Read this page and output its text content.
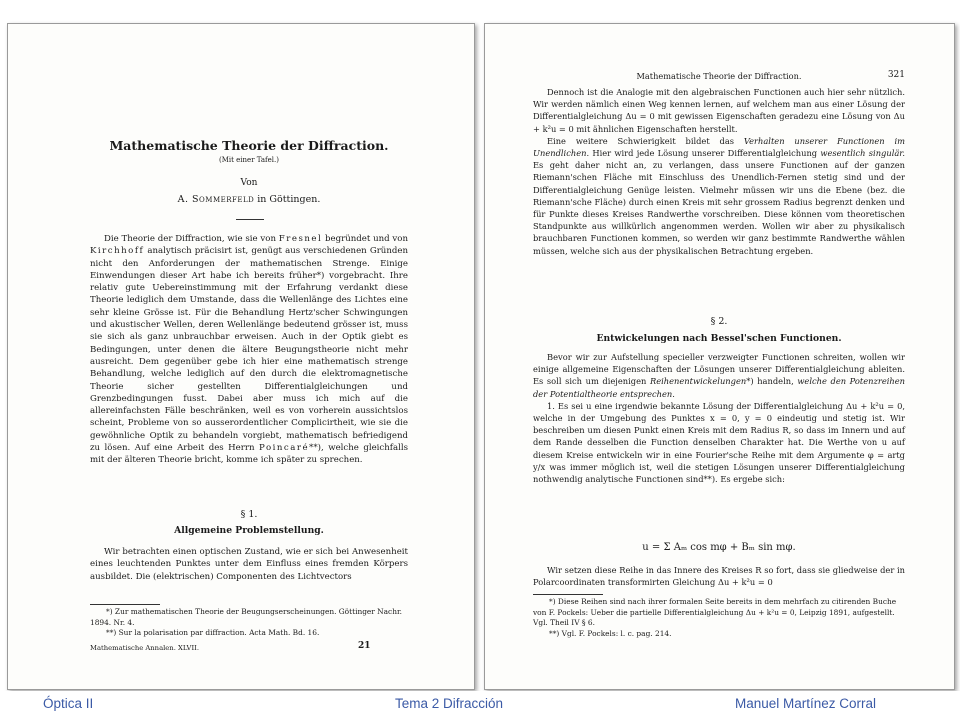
Mathematische Theorie der Diffraction.
(Mit einer Tafel.)
Von
A. Sommerfeld in Göttingen.

Die Theorie der Diffraction, wie sie von Fresnel begründet und von Kirchhoff analytisch präcisirt ist, genügt aus verschiedenen Gründen nicht den Anforderungen der mathematischen Strenge. Einige Einwendungen dieser Art habe ich bereits früher*) vorgebracht. Ihre relativ gute Uebereinstimmung mit der Erfahrung verdankt diese Theorie lediglich dem Umstande, dass die Wellenlänge des Lichtes eine sehr kleine Grösse ist. Für die Behandlung Hertz'scher Schwingungen und akustischer Wellen, deren Wellenlänge bedeutend grösser ist, muss sie sich als ganz unbrauchbar erweisen. Auch in der Optik giebt es Bedingungen, unter denen die ältere Beugungstheorie nicht mehr ausreicht. Dem gegenüber gebe ich hier eine mathematisch strenge Behandlung, welche lediglich auf den durch die elektromagnetische Theorie sicher gestellten Differentialgleichungen und Grenzbedingungen fusst. Dabei aber muss ich mich auf die allereinfachsten Fälle beschränken, weil es von vorherein aussichtslos scheint, Probleme von so ausserordentlicher Complicirtheit, wie sie die gewöhnliche Optik zu behandeln vorgiebt, mathematisch befriedigend zu lösen. Auf eine Arbeit des Herrn Poincaré**), welche gleichfalls mit der älteren Theorie bricht, komme ich später zu sprechen.

§ 1.
Allgemeine Problemstellung.

Wir betrachten einen optischen Zustand, wie er sich bei Anwesenheit eines leuchtenden Punktes unter dem Einfluss eines fremden Körpers ausbildet. Die (elektrischen) Componenten des Lichtvectors

*) Zur mathematischen Theorie der Beugungserscheinungen. Göttinger Nachr. 1894. Nr. 4.

**) Sur la polarisation par diffraction. Acta Math. Bd. 16.

Mathematische Annalen. XLVII.	21
Mathematische Theorie der Diffraction.	321

Dennoch ist die Analogie mit den algebraischen Functionen auch hier sehr nützlich. Wir werden nämlich einen Weg kennen lernen, auf welchem man aus einer Lösung der Differentialgleichung Δu = 0 mit gewissen Eigenschaften geradezu eine Lösung von Δu + k²u = 0 mit ähnlichen Eigenschaften herstellt.

Eine weitere Schwierigkeit bildet das Verhalten unserer Functionen im Unendlichen. Hier wird jede Lösung unserer Differentialgleichung wesentlich singulär. Es geht daher nicht an, zu verlangen, dass unsere Functionen auf der ganzen Riemann'schen Fläche mit Einschluss des Unendlich-Fernen stetig sind und der Differentialgleichung Genüge leisten. Vielmehr müssen wir uns die Ebene (bez. die Riemann'sche Fläche) durch einen Kreis mit sehr grossem Radius begrenzt denken und für Punkte dieses Kreises Randwerthe vorschreiben. Diese können vom theoretischen Standpunkte aus willkürlich angenommen werden. Wollen wir aber zu physikalisch brauchbaren Functionen kommen, so werden wir ganz bestimmte Randwerthe wählen müssen, welche sich aus der physikalischen Betrachtung ergeben.

§ 2.
Entwickelungen nach Bessel'schen Functionen.

Bevor wir zur Aufstellung specieller verzweigter Functionen schreiten, wollen wir einige allgemeine Eigenschaften der Lösungen unserer Differentialgleichung ableiten. Es soll sich um diejenigen Reihenentwickelungen*) handeln, welche den Potenzreihen der Potentialtheorie entsprechen.

1. Es sei u eine irgendwie bekannte Lösung der Differentialgleichung Δu + k²u = 0, welche in der Umgebung des Punktes x = 0, y = 0 eindeutig und stetig ist. Wir beschreiben um diesen Punkt einen Kreis mit dem Radius R, so dass im Innern und auf dem Rande desselben die Function denselben Charakter hat. Die Werthe von u auf diesem Kreise entwickeln wir in eine Fourier'sche Reihe mit dem Argumente φ = artg y/x was immer möglich ist, weil die stetigen Lösungen unserer Differentialgleichung nothwendig analytische Functionen sind**). Es ergebe sich:

u = Σ Aₘ cos mφ + Bₘ sin mφ.

Wir setzen diese Reihe in das Innere des Kreises R so fort, dass sie gliedweise der in Polarcoordinaten transformirten Gleichung Δu + k²u = 0

*) Diese Reihen sind nach ihrer formalen Seite bereits in dem mehrfach zu citirenden Buche von F. Pockels: Ueber die partielle Differentialgleichung Δu + k²u = 0, Leipzig 1891, aufgestellt. Vgl. Theil IV § 6.

**) Vgl. F. Pockels: l. c. pag. 214.

Óptica II	Tema 2 Difracción	Manuel Martínez Corral
